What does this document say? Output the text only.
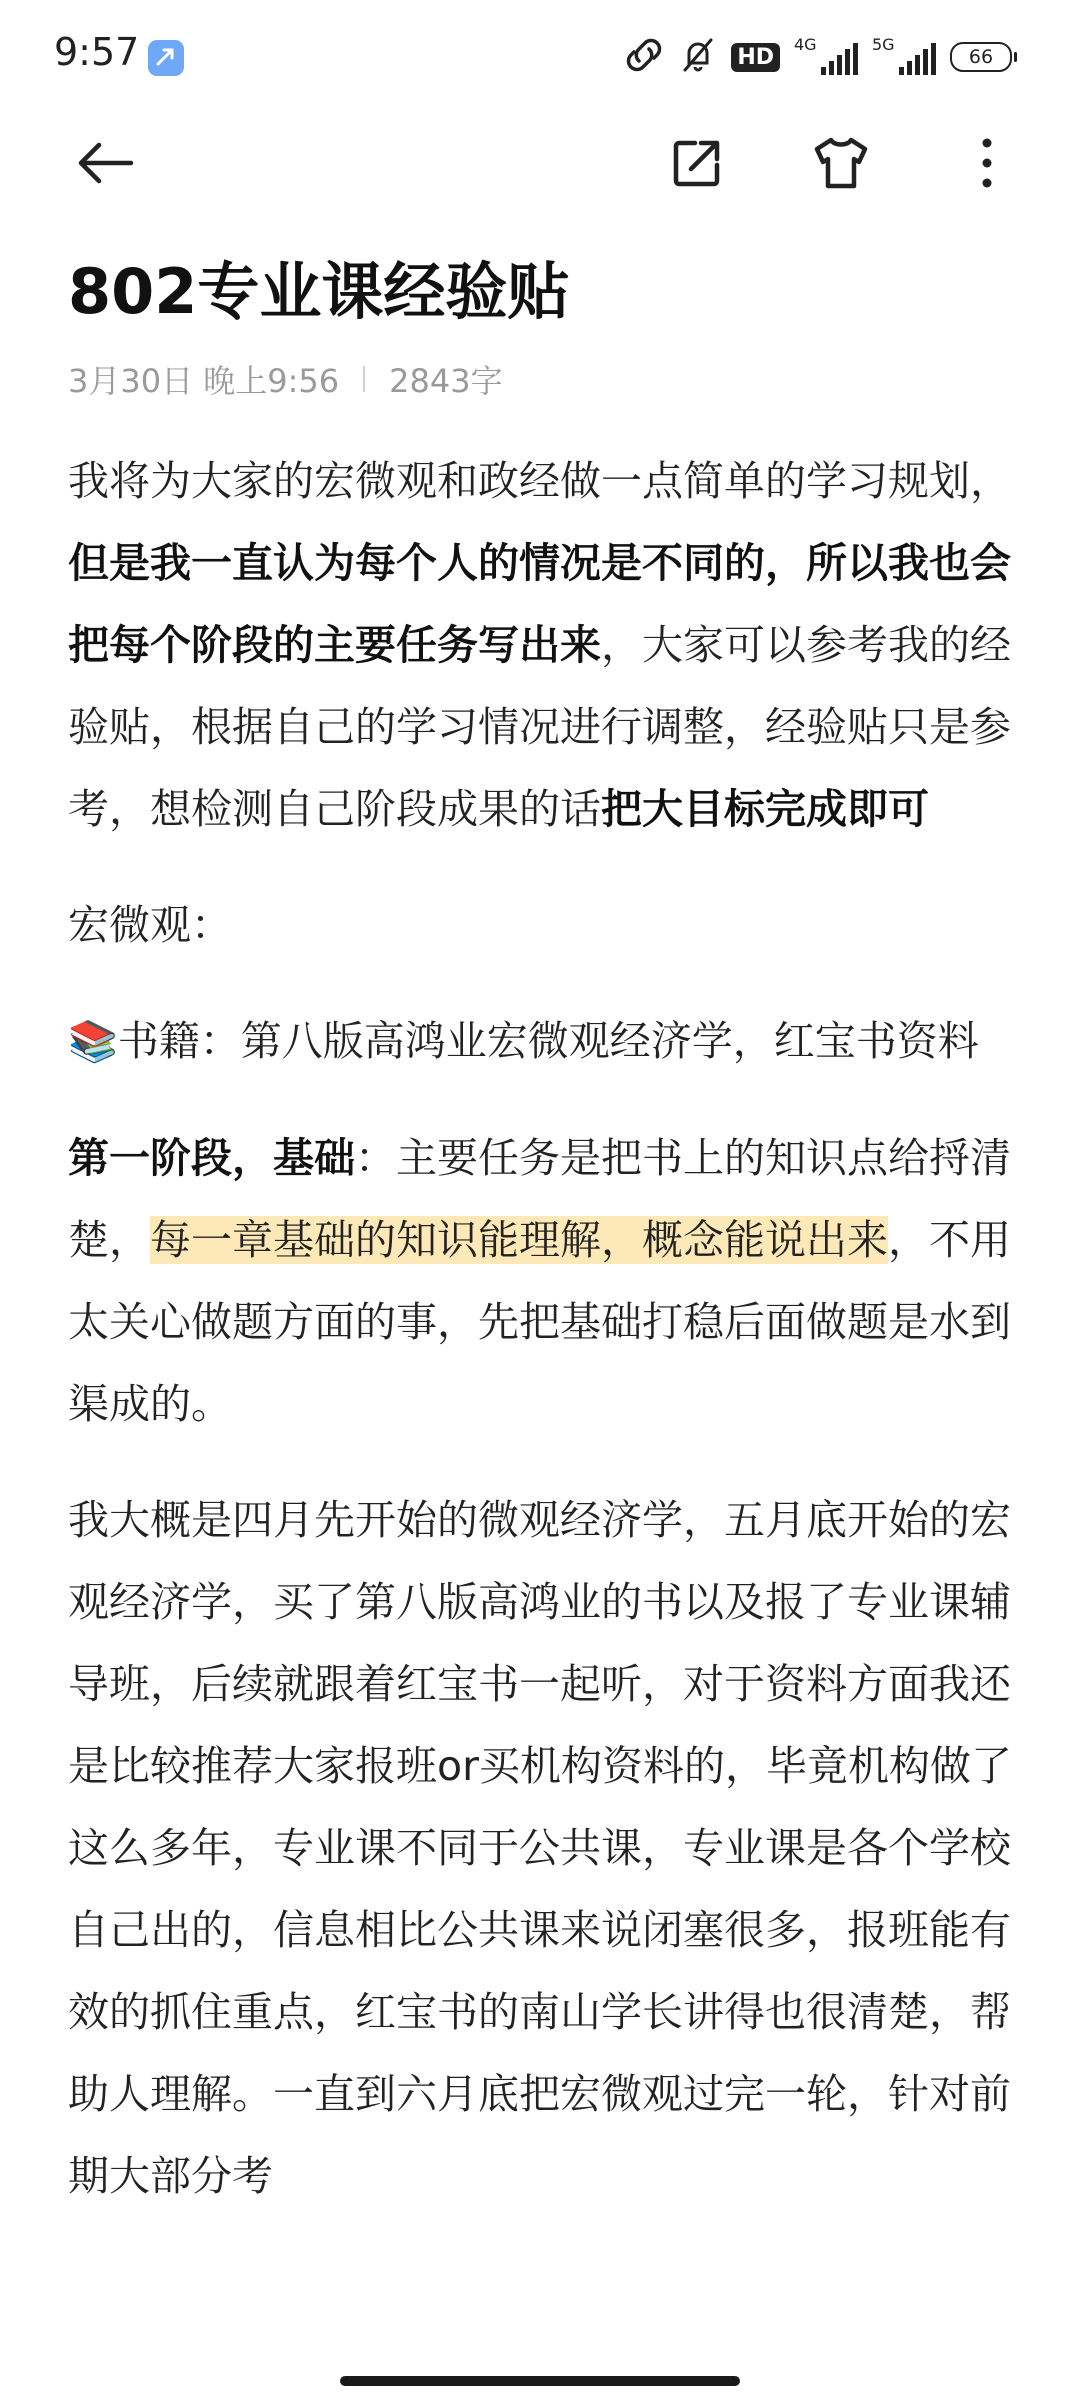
9:57	HD	4G	5G
66
802专业课经验贴
3月30日 晚上9:56 2843字

我将为大家的宏微观和政经做一点简单的学习规划，但是我一直认为每个人的情况是不同的，所以我也会把每个阶段的主要任务写出来，大家可以参考我的经验贴，根据自己的学习情况进行调整，经验贴只是参考，想检测自己阶段成果的话把大目标完成即可

宏微观：

📚书籍：第八版高鸿业宏微观经济学，红宝书资料

第一阶段，基础：主要任务是把书上的知识点给捋清楚，每一章基础的知识能理解，概念能说出来，不用太关心做题方面的事，先把基础打稳后面做题是水到渠成的。

我大概是四月先开始的微观经济学，五月底开始的宏观经济学，买了第八版高鸿业的书以及报了专业课辅导班，后续就跟着红宝书一起听，对于资料方面我还是比较推荐大家报班or买机构资料的，毕竟机构做了这么多年，专业课不同于公共课，专业课是各个学校自己出的，信息相比公共课来说闭塞很多，报班能有效的抓住重点，红宝书的南山学长讲得也很清楚，帮助人理解。一直到六月底把宏微观过完一轮，针对前期大部分考
